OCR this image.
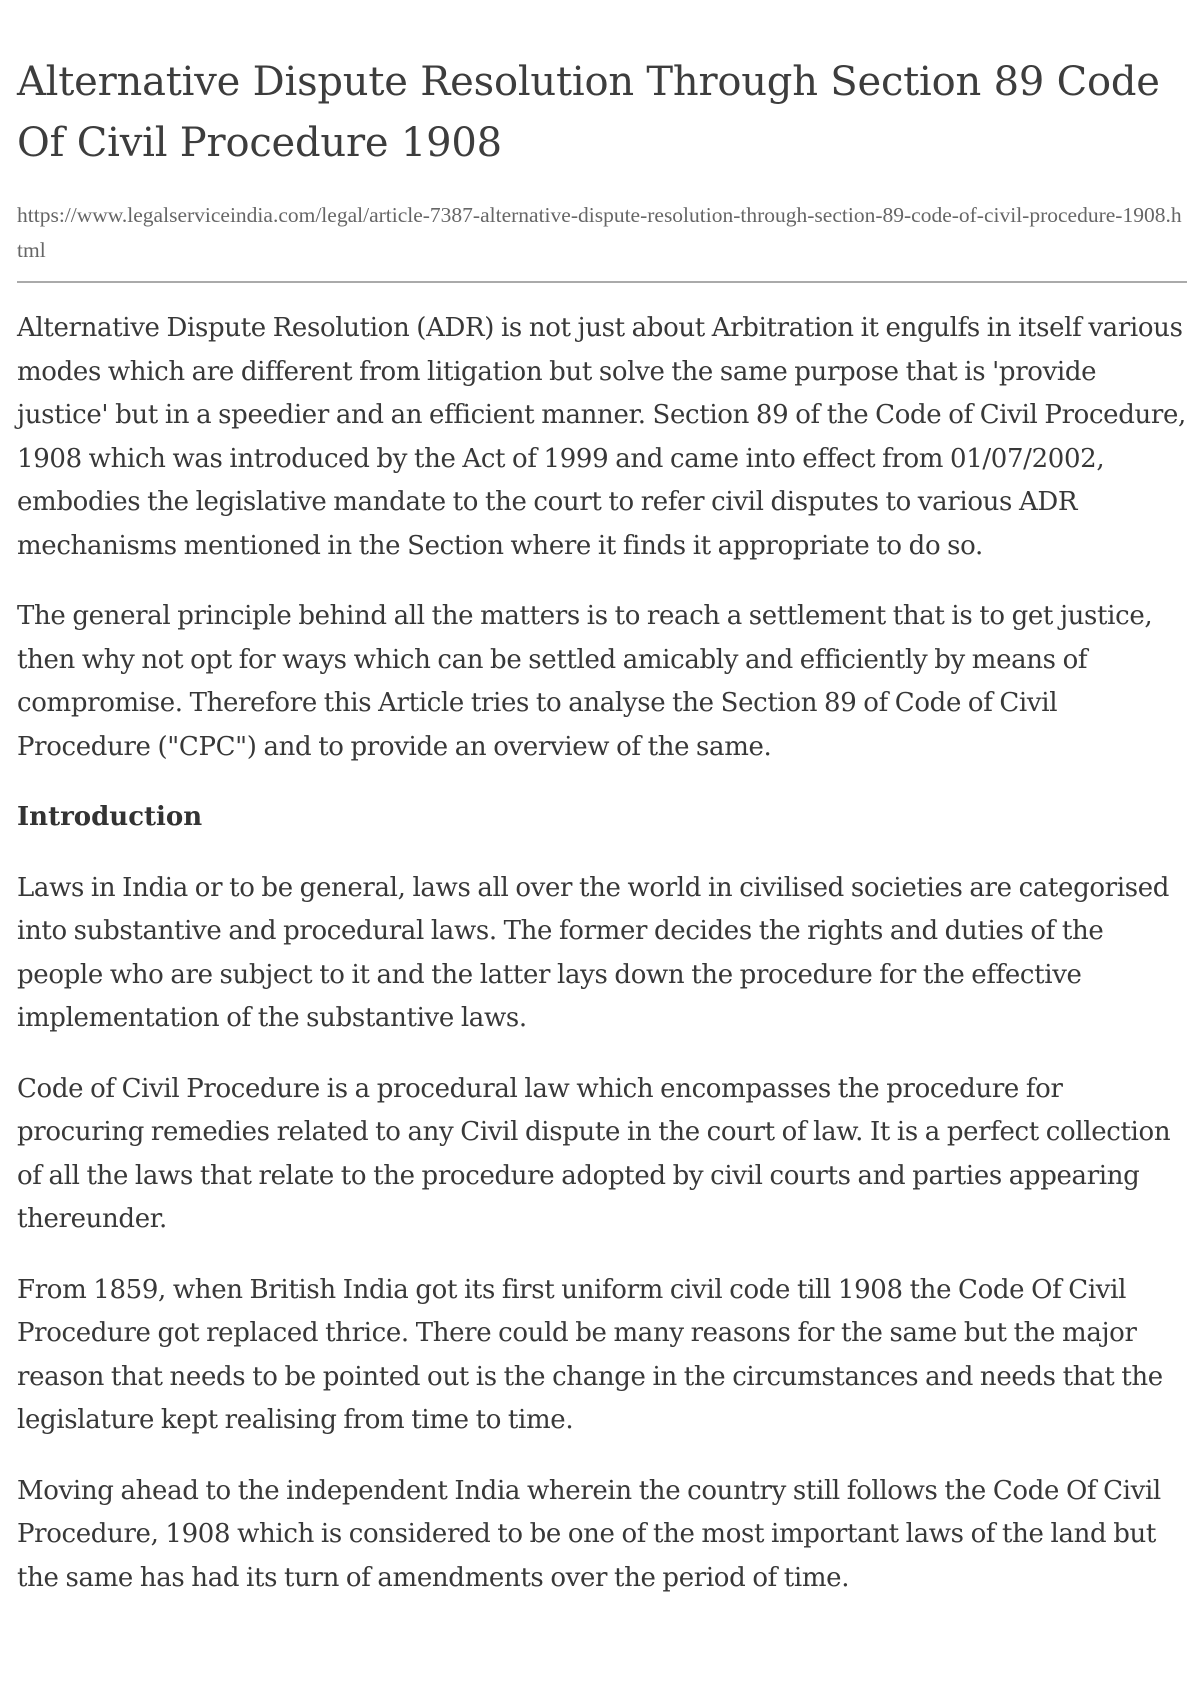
Alternative Dispute Resolution Through Section 89 Code Of Civil Procedure 1908
https://www.legalserviceindia.com/legal/article-7387-alternative-dispute-resolution-through-section-89-code-of-civil-procedure-1908.html

Alternative Dispute Resolution (ADR) is not just about Arbitration it engulfs in itself various modes which are different from litigation but solve the same purpose that is 'provide justice' but in a speedier and an efficient manner. Section 89 of the Code of Civil Procedure, 1908 which was introduced by the Act of 1999 and came into effect from 01/07/2002, embodies the legislative mandate to the court to refer civil disputes to various ADR mechanisms mentioned in the Section where it finds it appropriate to do so.

The general principle behind all the matters is to reach a settlement that is to get justice, then why not opt for ways which can be settled amicably and efficiently by means of compromise. Therefore this Article tries to analyse the Section 89 of Code of Civil Procedure ("CPC") and to provide an overview of the same.

Introduction

Laws in India or to be general, laws all over the world in civilised societies are categorised into substantive and procedural laws. The former decides the rights and duties of the people who are subject to it and the latter lays down the procedure for the effective implementation of the substantive laws.

Code of Civil Procedure is a procedural law which encompasses the procedure for procuring remedies related to any Civil dispute in the court of law. It is a perfect collection of all the laws that relate to the procedure adopted by civil courts and parties appearing thereunder.

From 1859, when British India got its first uniform civil code till 1908 the Code Of Civil Procedure got replaced thrice. There could be many reasons for the same but the major reason that needs to be pointed out is the change in the circumstances and needs that the legislature kept realising from time to time.

Moving ahead to the independent India wherein the country still follows the Code Of Civil Procedure, 1908 which is considered to be one of the most important laws of the land but the same has had its turn of amendments over the period of time.
